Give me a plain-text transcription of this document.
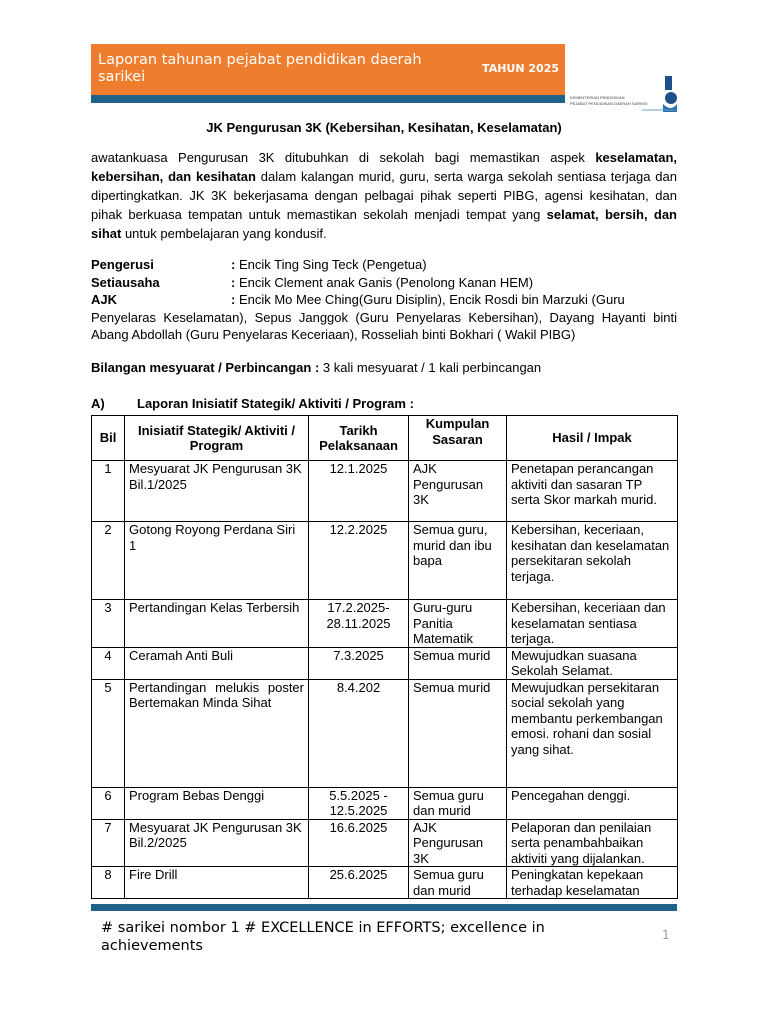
Laporan tahunan pejabat pendidikan daerah sarikei
TAHUN 2025
KEMENTERIAN PENDIDIKAN
PEJABAT PENDIDIKAN DAERAH SARIKEI
JK Pengurusan 3K (Kebersihan, Kesihatan, Keselamatan)
awatankuasa Pengurusan 3K ditubuhkan di sekolah bagi memastikan aspek keselamatan, kebersihan, dan kesihatan dalam kalangan murid, guru, serta warga sekolah sentiasa terjaga dan dipertingkatkan. JK 3K bekerjasama dengan pelbagai pihak seperti PIBG, agensi kesihatan, dan pihak berkuasa tempatan untuk memastikan sekolah menjadi tempat yang selamat, bersih, dan sihat untuk pembelajaran yang kondusif.
Pengerusi	: Encik Ting Sing Teck (Pengetua)
Setiausaha	: Encik Clement anak Ganis (Penolong Kanan HEM)
AJK	: Encik Mo Mee Ching(Guru Disiplin), Encik Rosdi bin Marzuki (Guru
Penyelaras Keselamatan), Sepus Janggok (Guru Penyelaras Kebersihan), Dayang Hayanti binti Abang Abdollah (Guru Penyelaras Keceriaan), Rosseliah binti Bokhari ( Wakil PIBG)
Bilangan mesyuarat / Perbincangan : 3 kali mesyuarat / 1 kali perbincangan
A) Laporan Inisiatif Stategik/ Aktiviti / Program :
Bil	Inisiatif Stategik/ Aktiviti / Program	Tarikh Pelaksanaan	Kumpulan Sasaran	Hasil / Impak
1	Mesyuarat JK Pengurusan 3K Bil.1/2025	12.1.2025	AJK Pengurusan 3K	Penetapan perancangan aktiviti dan sasaran TP serta Skor markah murid.
2	Gotong Royong Perdana Siri 1	12.2.2025	Semua guru, murid dan ibu bapa	Kebersihan, keceriaan, kesihatan dan keselamatan persekitaran sekolah terjaga.
3	Pertandingan Kelas Terbersih	17.2.2025- 28.11.2025	Guru-guru Panitia Matematik	Kebersihan, keceriaan dan keselamatan sentiasa terjaga.
4	Ceramah Anti Buli	7.3.2025	Semua murid	Mewujudkan suasana Sekolah Selamat.
5	Pertandingan melukis poster Bertemakan Minda Sihat	8.4.202	Semua murid	Mewujudkan persekitaran social sekolah yang membantu perkembangan emosi. rohani dan sosial yang sihat.
6	Program Bebas Denggi	5.5.2025 - 12.5.2025	Semua guru dan murid	Pencegahan denggi.
7	Mesyuarat JK Pengurusan 3K Bil.2/2025	16.6.2025	AJK Pengurusan 3K	Pelaporan dan penilaian serta penambahbaikan aktiviti yang dijalankan.
8	Fire Drill	25.6.2025	Semua guru dan murid	Peningkatan kepekaan terhadap keselamatan
# sarikei nombor 1 # EXCELLENCE in EFFORTS; excellence in achievements
1
